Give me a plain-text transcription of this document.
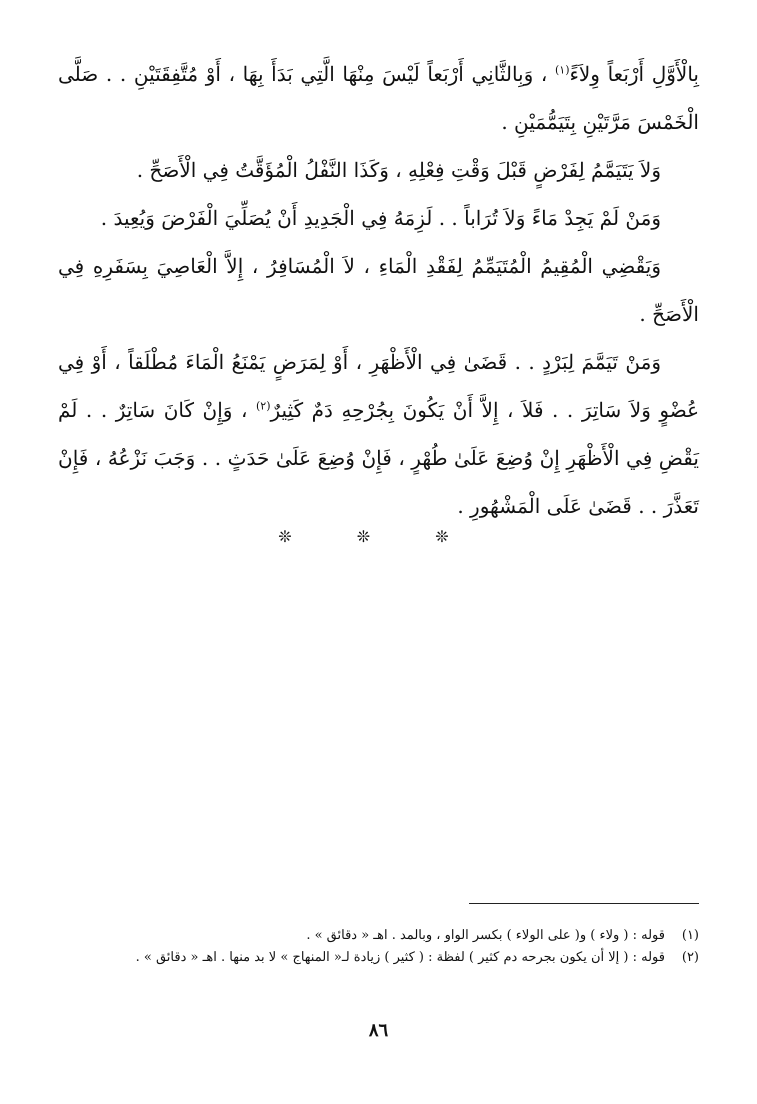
بِالْأَوَّلِ أَرْبَعاً وِلاَءً$^{(١)}$ ، وَبِالثَّانِي أَرْبَعاً لَيْسَ مِنْهَا الَّتِي بَدَأَ بِهَا ، أَوْ مُتَّفِقَتَيْنِ . . صَلَّى الْخَمْسَ مَرَّتَيْنِ بِتَيَمُّمَيْنِ .

وَلاَ يَتَيَمَّمُ لِفَرْضٍ قَبْلَ وَقْتِ فِعْلِهِ ، وَكَذَا النَّفْلُ الْمُؤَقَّتُ فِي الْأَصَحِّ .

وَمَنْ لَمْ يَجِدْ مَاءً وَلاَ تُرَاباً . . لَزِمَهُ فِي الْجَدِيدِ أَنْ يُصَلِّيَ الْفَرْضَ وَيُعِيدَ .

وَيَقْضِي الْمُقِيمُ الْمُتَيَمِّمُ لِفَقْدِ الْمَاءِ ، لاَ الْمُسَافِرُ ، إِلاَّ الْعَاصِيَ بِسَفَرِهِ فِي الْأَصَحِّ .

وَمَنْ تَيَمَّمَ لِبَرْدٍ . . قَضَىٰ فِي الْأَظْهَرِ ، أَوْ لِمَرَضٍ يَمْنَعُ الْمَاءَ مُطْلَقاً ، أَوْ فِي عُضْوٍ وَلاَ سَاتِرَ . . فَلاَ ، إِلاَّ أَنْ يَكُونَ بِجُرْحِهِ دَمٌ كَثِيرٌ$^{(٢)}$ ، وَإِنْ كَانَ سَاتِرٌ . . لَمْ يَقْضِ فِي الْأَظْهَرِ إِنْ وُضِعَ عَلَىٰ طُهْرٍ ، فَإِنْ وُضِعَ عَلَىٰ حَدَثٍ . . وَجَبَ نَزْعُهُ ، فَإِنْ تَعَذَّرَ . . قَضَىٰ عَلَى الْمَشْهُورِ .

❊ ❊ ❊
(١)
قوله : ( ولاء ) و( على الولاء ) بكسر الواو ، وبالمد . اهـ « دقائق » .
(٢)
قوله : ( إلا أن يكون بجرحه دم كثير ) لفظة : ( كثير ) زيادة لـ« المنهاج » لا بد منها . اهـ « دقائق » .
٨٦
